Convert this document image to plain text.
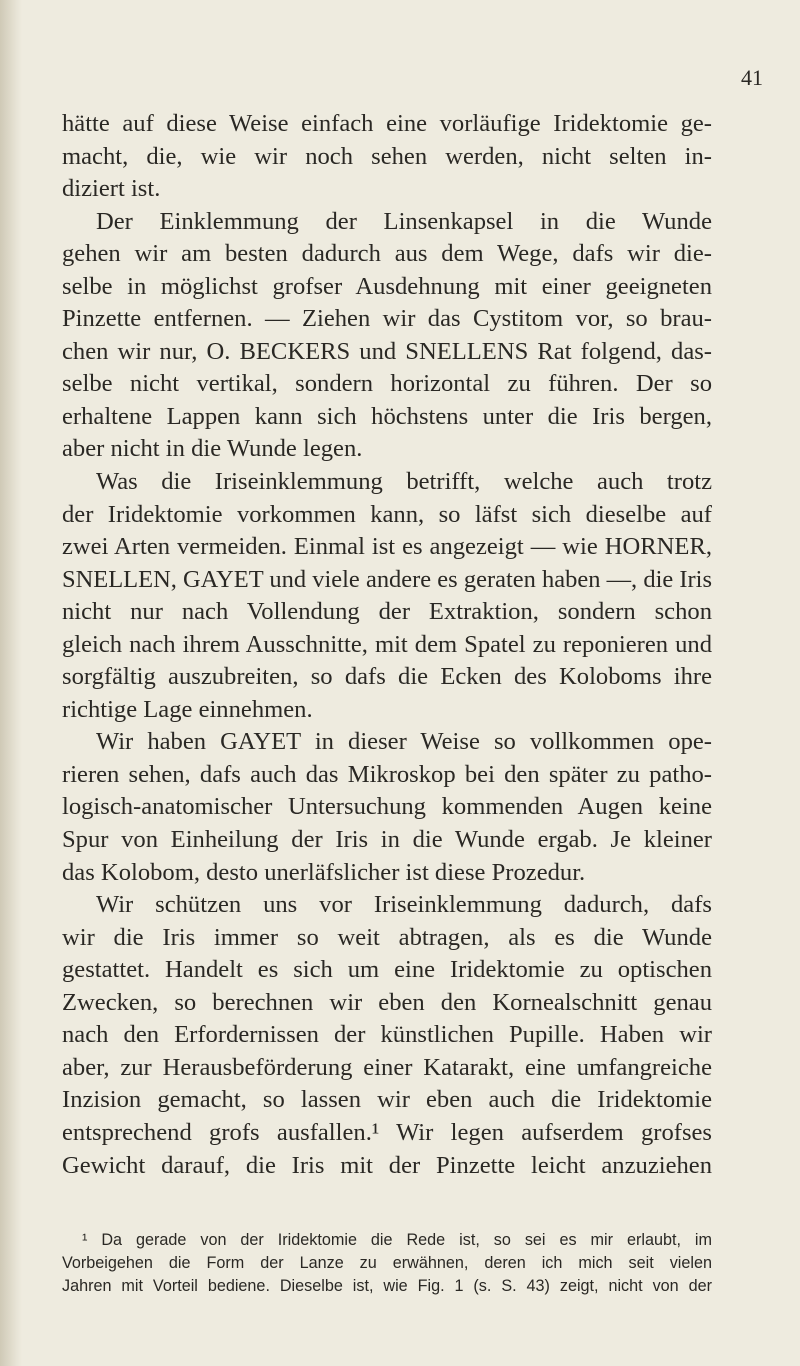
41
hätte auf diese Weise einfach eine vorläufige Iridektomie ge-
macht, die, wie wir noch sehen werden, nicht selten in-
diziert ist.
Der Einklemmung der Linsenkapsel in die Wunde
gehen wir am besten dadurch aus dem Wege, dafs wir die-
selbe in möglichst grofser Ausdehnung mit einer geeigneten
Pinzette entfernen. — Ziehen wir das Cystitom vor, so brau-
chen wir nur, O. BECKERS und SNELLENS Rat folgend, das-
selbe nicht vertikal, sondern horizontal zu führen. Der so
erhaltene Lappen kann sich höchstens unter die Iris bergen,
aber nicht in die Wunde legen.
Was die Iriseinklemmung betrifft, welche auch trotz
der Iridektomie vorkommen kann, so läfst sich dieselbe auf
zwei Arten vermeiden. Einmal ist es angezeigt — wie HORNER,
SNELLEN, GAYET und viele andere es geraten haben —, die Iris
nicht nur nach Vollendung der Extraktion, sondern schon
gleich nach ihrem Ausschnitte, mit dem Spatel zu reponieren und
sorgfältig auszubreiten, so dafs die Ecken des Koloboms ihre
richtige Lage einnehmen.
Wir haben GAYET in dieser Weise so vollkommen ope-
rieren sehen, dafs auch das Mikroskop bei den später zu patho-
logisch-anatomischer Untersuchung kommenden Augen keine
Spur von Einheilung der Iris in die Wunde ergab. Je kleiner
das Kolobom, desto unerläfslicher ist diese Prozedur.
Wir schützen uns vor Iriseinklemmung dadurch, dafs
wir die Iris immer so weit abtragen, als es die Wunde
gestattet. Handelt es sich um eine Iridektomie zu optischen
Zwecken, so berechnen wir eben den Kornealschnitt genau
nach den Erfordernissen der künstlichen Pupille. Haben wir
aber, zur Herausbeförderung einer Katarakt, eine umfangreiche
Inzision gemacht, so lassen wir eben auch die Iridektomie
entsprechend grofs ausfallen.¹ Wir legen aufserdem grofses
Gewicht darauf, die Iris mit der Pinzette leicht anzuziehen
¹ Da gerade von der Iridektomie die Rede ist, so sei es mir erlaubt, im
Vorbeigehen die Form der Lanze zu erwähnen, deren ich mich seit vielen
Jahren mit Vorteil bediene. Dieselbe ist, wie Fig. 1 (s. S. 43) zeigt, nicht von der
